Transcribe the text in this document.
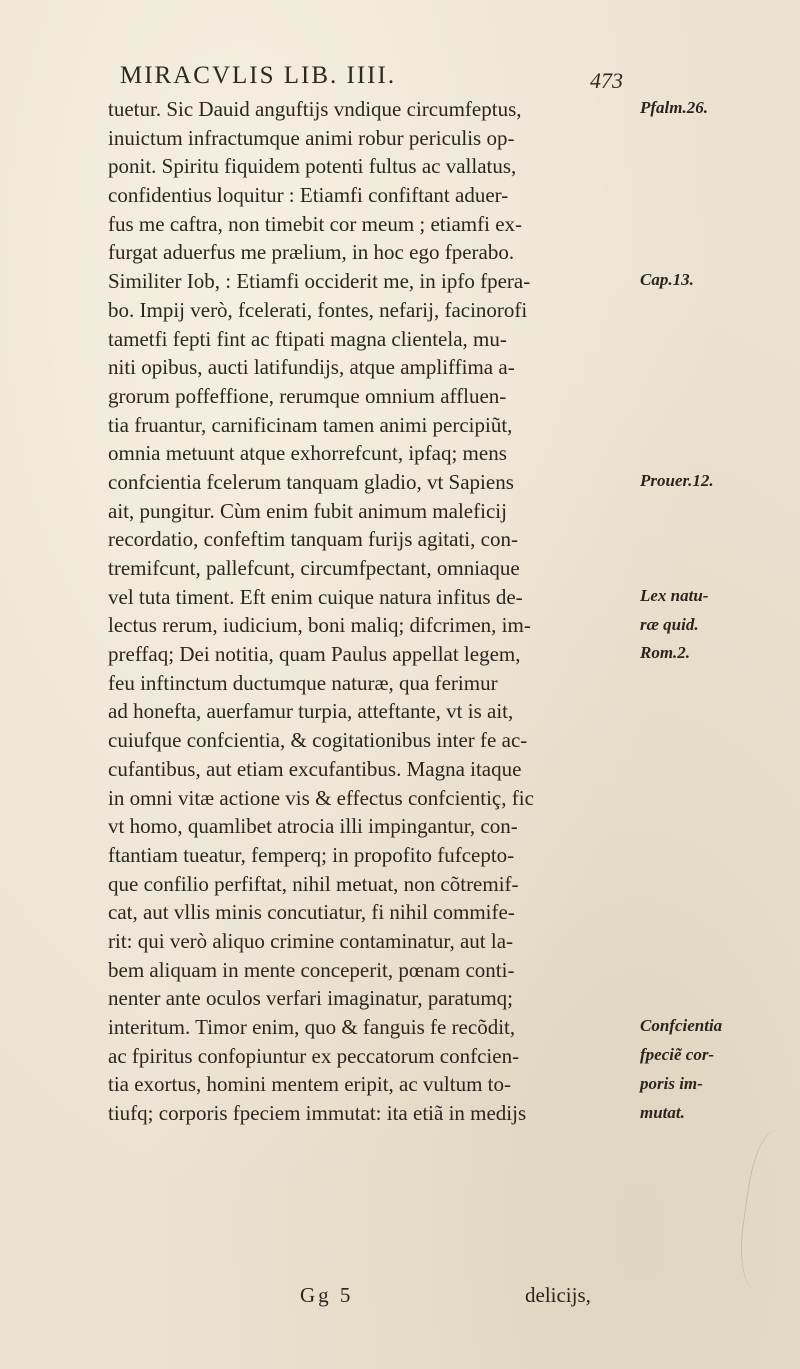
MIRACVLIS LIB. IIII.	473
tuetur. Sic Dauid anguftijs vndique circumfeptus,
inuictum infractumque animi robur periculis op-
ponit. Spiritu fiquidem potenti fultus ac vallatus,
confidentius loquitur : Etiamfi confiftant aduer-
fus me caftra, non timebit cor meum ; etiamfi ex-
furgat aduerfus me prælium, in hoc ego fperabo.
Similiter Iob, : Etiamfi occiderit me, in ipfo fpera-
bo. Impij verò, fcelerati, fontes, nefarij, facinorofi
tametfi fepti fint ac ftipati magna clientela, mu-
niti opibus, aucti latifundijs, atque ampliffima a-
grorum poffeffione, rerumque omnium affluen-
tia fruantur, carnificinam tamen animi percipiũt,
omnia metuunt atque exhorrefcunt, ipfaq; mens
confcientia fcelerum tanquam gladio, vt Sapiens
ait, pungitur. Cùm enim fubit animum maleficij
recordatio, confeftim tanquam furijs agitati, con-
tremifcunt, pallefcunt, circumfpectant, omniaque
vel tuta timent. Eft enim cuique natura infitus de-
lectus rerum, iudicium, boni maliq; difcrimen, im-
preffaq; Dei notitia, quam Paulus appellat legem,
feu inftinctum ductumque naturæ, qua ferimur
ad honefta, auerfamur turpia, atteftante, vt is ait,
cuiufque confcientia, & cogitationibus inter fe ac-
cufantibus, aut etiam excufantibus. Magna itaque
in omni vitæ actione vis & effectus confcientiç, fic
vt homo, quamlibet atrocia illi impingantur, con-
ftantiam tueatur, femperq; in propofito fufcepto-
que confilio perfiftat, nihil metuat, non cõtremif-
cat, aut vllis minis concutiatur, fi nihil commife-
rit: qui verò aliquo crimine contaminatur, aut la-
bem aliquam in mente conceperit, pœnam conti-
nenter ante oculos verfari imaginatur, paratumq;
interitum. Timor enim, quo & fanguis fe recõdit,
ac fpiritus confopiuntur ex peccatorum confcien-
tia exortus, homini mentem eripit, ac vultum to-
tiufq; corporis fpeciem immutat: ita etiã in medijs
Pfalm.26.
Cap.13.
Prouer.12.
Lex natu-
ræ quid.
Rom.2.
Confcientia
fpeciẽ cor-
poris im-
mutat.
Gg 5	delicijs,
